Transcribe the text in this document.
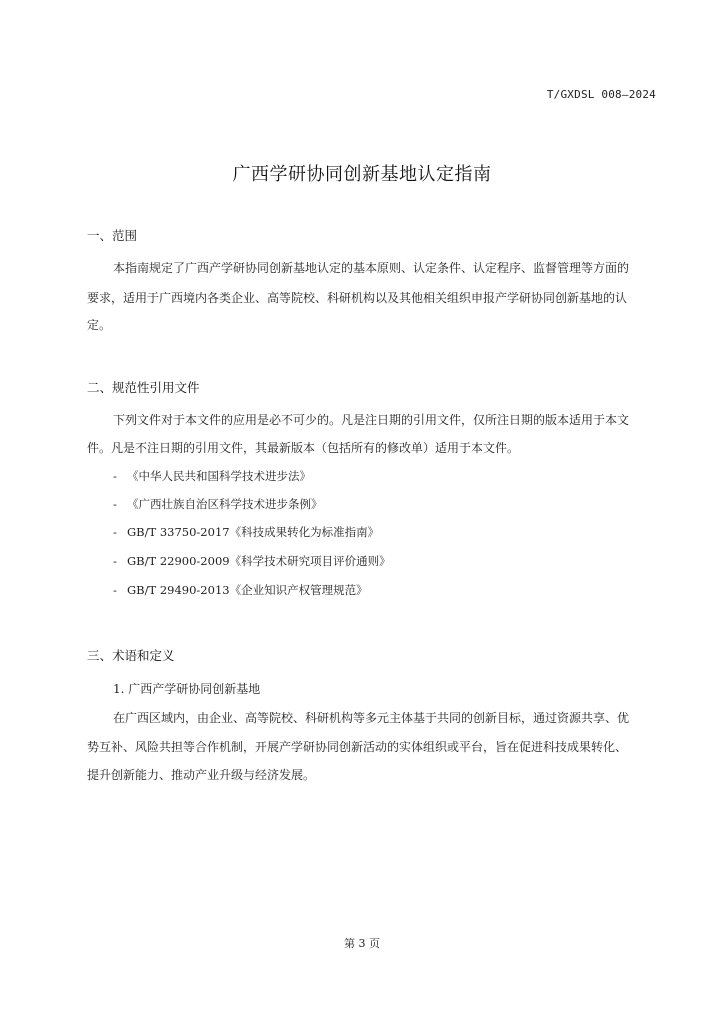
T/GXDSL 008—2024
广西学研协同创新基地认定指南
一、范围
本指南规定了广西产学研协同创新基地认定的基本原则、认定条件、认定程序、监督管理等方面的
要求，适用于广西境内各类企业、高等院校、科研机构以及其他相关组织申报产学研协同创新基地的认
定。
二、规范性引用文件
下列文件对于本文件的应用是必不可少的。凡是注日期的引用文件，仅所注日期的版本适用于本文
件。凡是不注日期的引用文件，其最新版本（包括所有的修改单）适用于本文件。
- 《中华人民共和国科学技术进步法》
- 《广西壮族自治区科学技术进步条例》
- GB/T 33750-2017《科技成果转化为标准指南》
- GB/T 22900-2009《科学技术研究项目评价通则》
- GB/T 29490-2013《企业知识产权管理规范》
三、术语和定义
1. 广西产学研协同创新基地
在广西区域内，由企业、高等院校、科研机构等多元主体基于共同的创新目标，通过资源共享、优
势互补、风险共担等合作机制，开展产学研协同创新活动的实体组织或平台，旨在促进科技成果转化、
提升创新能力、推动产业升级与经济发展。
第 3 页
